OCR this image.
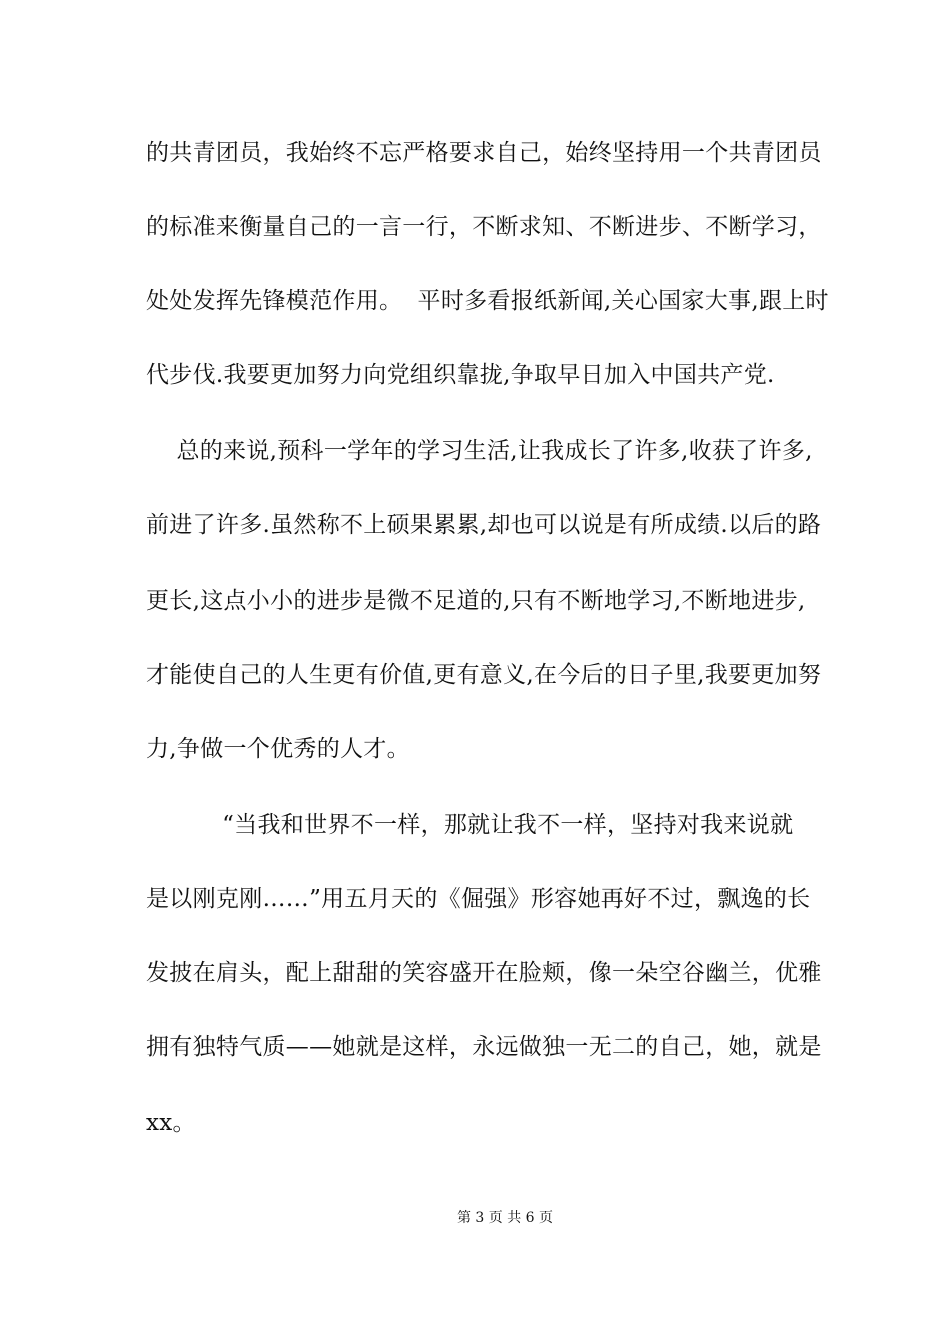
的共青团员，我始终不忘严格要求自己，始终坚持用一个共青团员
的标准来衡量自己的一言一行，不断求知、不断进步、不断学习，
处处发挥先锋模范作用。  平时多看报纸新闻,关心国家大事,跟上时
代步伐.我要更加努力向党组织靠拢,争取早日加入中国共产党.
总的来说,预科一学年的学习生活,让我成长了许多,收获了许多,
前进了许多.虽然称不上硕果累累,却也可以说是有所成绩.以后的路
更长,这点小小的进步是微不足道的,只有不断地学习,不断地进步,
才能使自己的人生更有价值,更有意义,在今后的日子里,我要更加努
力,争做一个优秀的人才。
“当我和世界不一样，那就让我不一样，坚持对我来说就
是以刚克刚……”用五月天的《倔强》形容她再好不过，飘逸的长
发披在肩头，配上甜甜的笑容盛开在脸颊，像一朵空谷幽兰，优雅
拥有独特气质——她就是这样，永远做独一无二的自己，她，就是
xx。
第 3 页 共 6 页
